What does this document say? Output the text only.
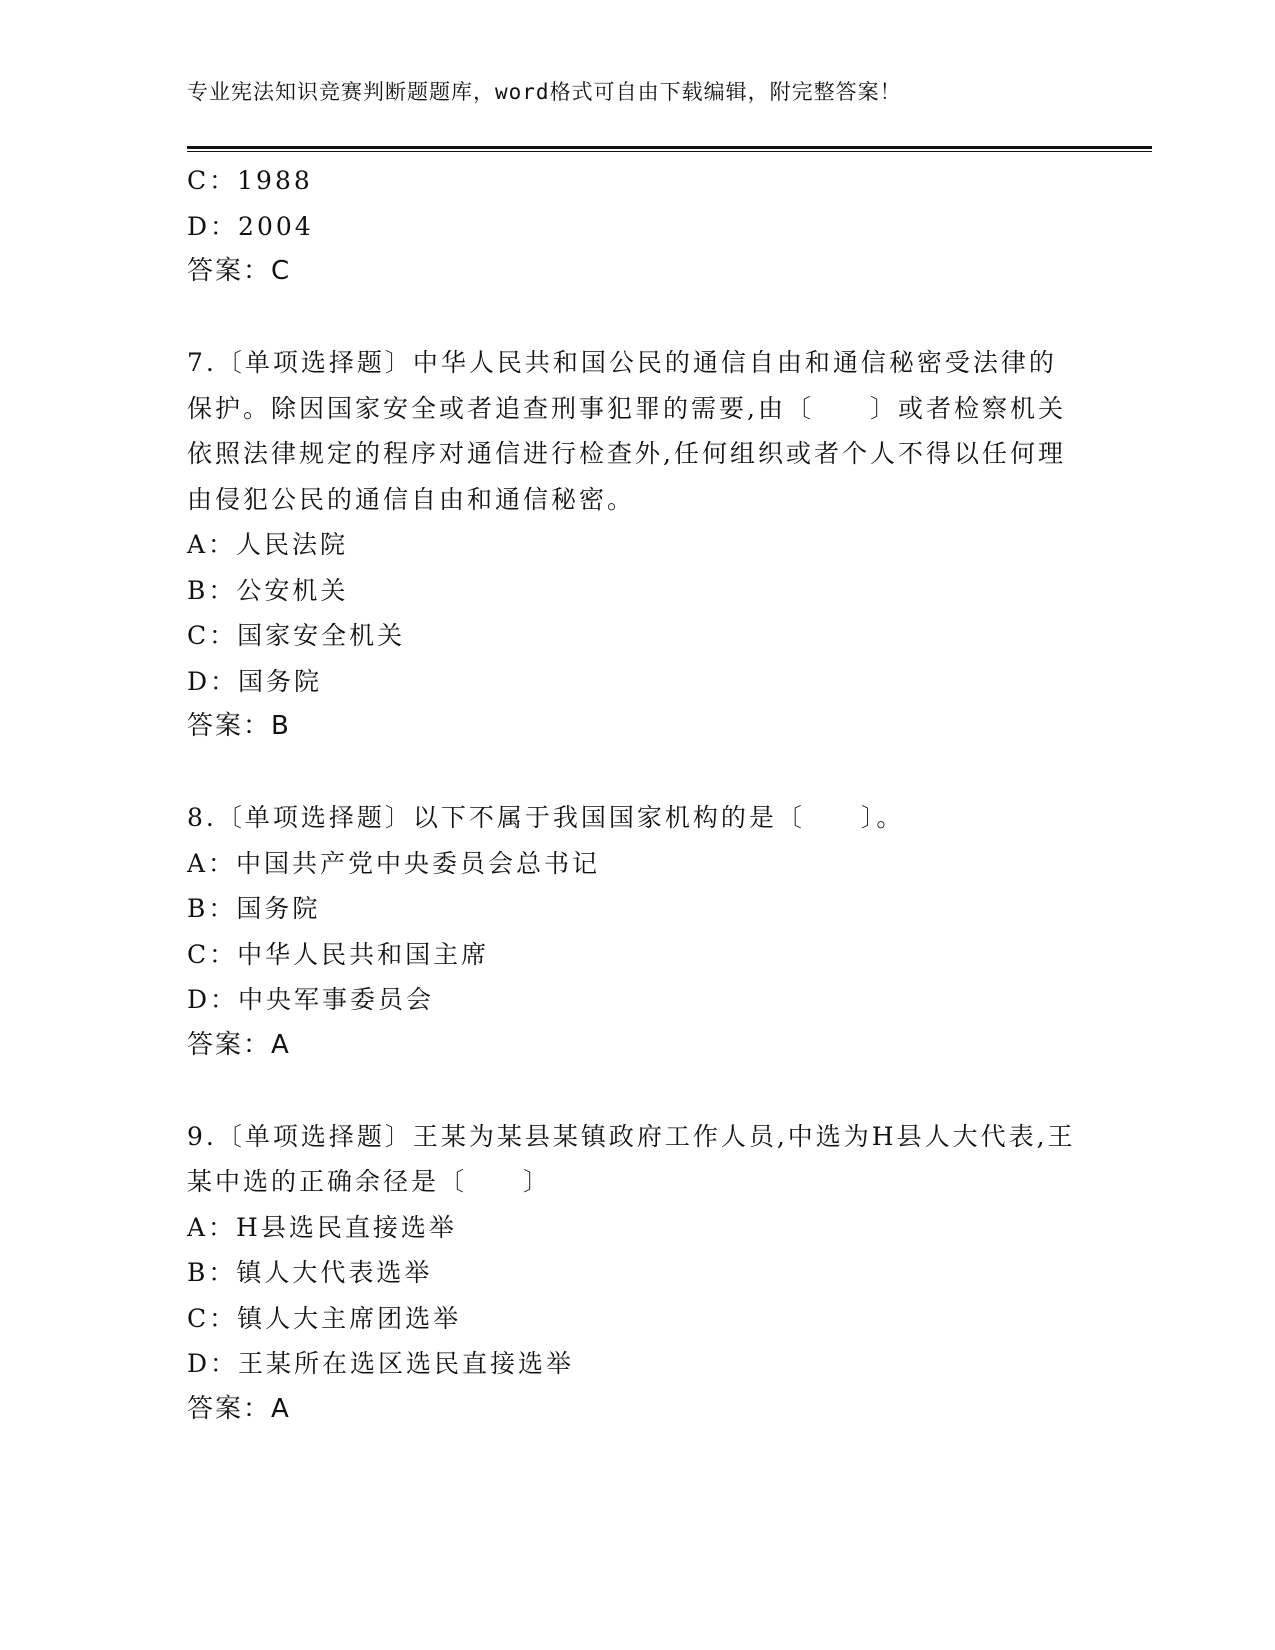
专业宪法知识竞赛判断题题库，word格式可自由下载编辑，附完整答案！
C：1988
D：2004
答案：C
7.〔单项选择题〕中华人民共和国公民的通信自由和通信秘密受法律的保护。除因国家安全或者追查刑事犯罪的需要,由〔　　〕或者检察机关依照法律规定的程序对通信进行检查外,任何组织或者个人不得以任何理由侵犯公民的通信自由和通信秘密。
A：人民法院
B：公安机关
C：国家安全机关
D：国务院
答案：B
8.〔单项选择题〕以下不属于我国国家机构的是〔　　〕。
A：中国共产党中央委员会总书记
B：国务院
C：中华人民共和国主席
D：中央军事委员会
答案：A
9.〔单项选择题〕王某为某县某镇政府工作人员,中选为H县人大代表,王某中选的正确余径是〔　　〕
A：H县选民直接选举
B：镇人大代表选举
C：镇人大主席团选举
D：王某所在选区选民直接选举
答案：A
